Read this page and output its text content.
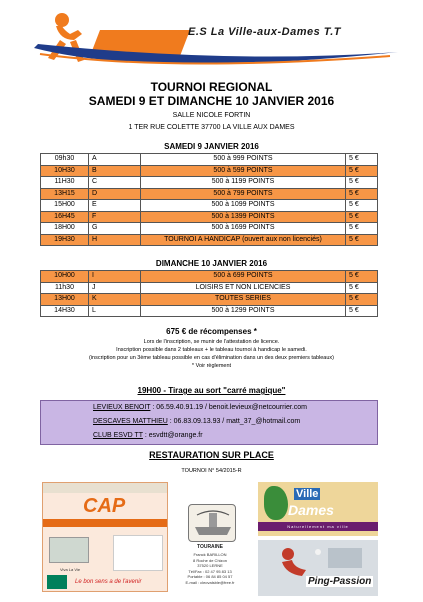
E.S La Ville-aux-Dames T.T
TOURNOI REGIONAL
SAMEDI 9 ET DIMANCHE 10 JANVIER 2016
SALLE NICOLE FORTIN
1 TER RUE COLETTE 37700 LA VILLE AUX DAMES
SAMEDI 9 JANVIER 2016
09h30	A	500 à 999 POINTS	5 €
10H30	B	500 à 599 POINTS	5 €
11H30	C	500 à 1199 POINTS	5 €
13H15	D	500 à 799 POINTS	5 €
15H00	E	500 à 1099 POINTS	5 €
16H45	F	500 à 1399 POINTS	5 €
18H00	G	500 à 1699 POINTS	5 €
19H30	H	TOURNOI A HANDICAP (ouvert aux non licenciés)	5 €
DIMANCHE 10 JANVIER 2016
10H00	I	500 à 699 POINTS	5 €
11h30	J	LOISIRS ET NON LICENCIES	5 €
13H00	K	TOUTES SERIES	5 €
14H30	L	500 à 1299 POINTS	5 €
675 € de récompenses *
Lors de l'inscription, se munir de l'attestation de licence.
Inscription possible dans 2 tableaux + le tableau tournoi à handicap le samedi.
(inscription pour un 3ème tableau possible en cas d'élimination dans un des deux premiers tableaux)
* Voir règlement
19H00 - Tirage au sort "carré magique"
LEVIEUX BENOIT : 06.59.40.91.19 / benoit.levieux@netcourrier.com
DESCAVES MATTHIEU : 06.83.09.13.93 / matt_37_@hotmail.com
CLUB ESVD TT : esvdtt@orange.fr
RESTAURATION SUR PLACE
TOURNOI N° 54/2015-R
CAP
Viva La Vie
Le bon sens a de l'avenir
TOURAINE
Franck BARILLON
8 Roche de Chizon
37520 LERNE
Tél/Fax : 02 47 95 83 13
Portable : 06 84 85 04 57
E-mail : cleovalsble@free.fr
Ville
Dames
Naturellement ma ville
Ping-Passion
